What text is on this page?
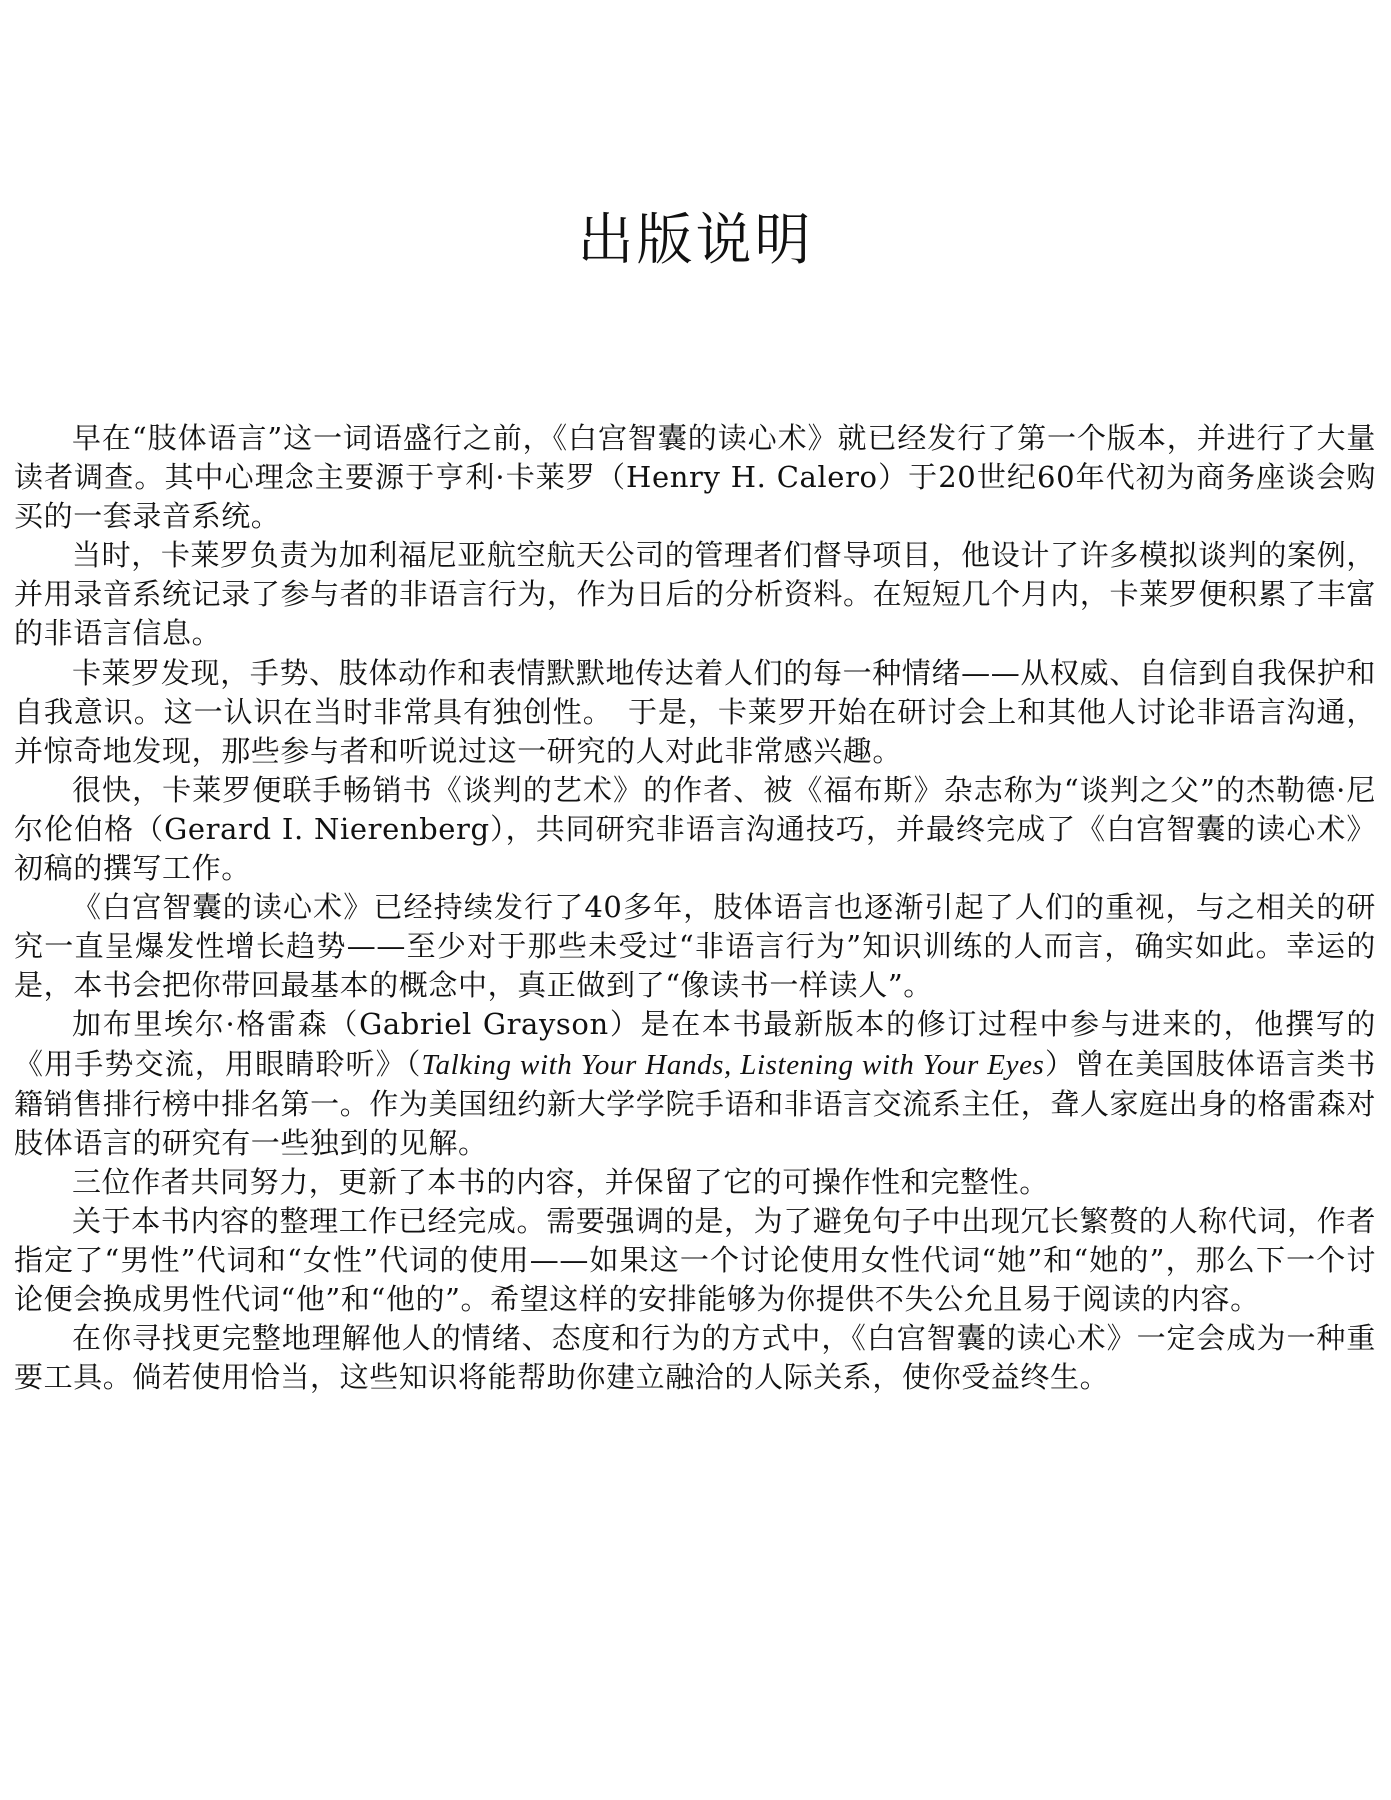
出版说明

早在“肢体语言”这一词语盛行之前，《白宫智囊的读心术》就已经发行了第一个版本，并进行了大量读者调查。其中心理念主要源于亨利·卡莱罗（Henry H. Calero）于20世纪60年代初为商务座谈会购买的一套录音系统。

当时，卡莱罗负责为加利福尼亚航空航天公司的管理者们督导项目，他设计了许多模拟谈判的案例，并用录音系统记录了参与者的非语言行为，作为日后的分析资料。在短短几个月内，卡莱罗便积累了丰富的非语言信息。

卡莱罗发现，手势、肢体动作和表情默默地传达着人们的每一种情绪——从权威、自信到自我保护和自我意识。这一认识在当时非常具有独创性。　于是，卡莱罗开始在研讨会上和其他人讨论非语言沟通，并惊奇地发现，那些参与者和听说过这一研究的人对此非常感兴趣。

很快，卡莱罗便联手畅销书《谈判的艺术》的作者、被《福布斯》杂志称为“谈判之父”的杰勒德·尼尔伦伯格（Gerard I. Nierenberg），共同研究非语言沟通技巧，并最终完成了《白宫智囊的读心术》初稿的撰写工作。

《白宫智囊的读心术》已经持续发行了40多年，肢体语言也逐渐引起了人们的重视，与之相关的研究一直呈爆发性增长趋势——至少对于那些未受过“非语言行为”知识训练的人而言，确实如此。幸运的是，本书会把你带回最基本的概念中，真正做到了“像读书一样读人”。

加布里埃尔·格雷森（Gabriel Grayson）是在本书最新版本的修订过程中参与进来的，他撰写的《用手势交流，用眼睛聆听》（Talking with Your Hands, Listening with Your Eyes）曾在美国肢体语言类书籍销售排行榜中排名第一。作为美国纽约新大学学院手语和非语言交流系主任，聋人家庭出身的格雷森对肢体语言的研究有一些独到的见解。

三位作者共同努力，更新了本书的内容，并保留了它的可操作性和完整性。

关于本书内容的整理工作已经完成。需要强调的是，为了避免句子中出现冗长繁赘的人称代词，作者指定了“男性”代词和“女性”代词的使用——如果这一个讨论使用女性代词“她”和“她的”，那么下一个讨论便会换成男性代词“他”和“他的”。希望这样的安排能够为你提供不失公允且易于阅读的内容。

在你寻找更完整地理解他人的情绪、态度和行为的方式中，《白宫智囊的读心术》一定会成为一种重要工具。倘若使用恰当，这些知识将能帮助你建立融洽的人际关系，使你受益终生。
